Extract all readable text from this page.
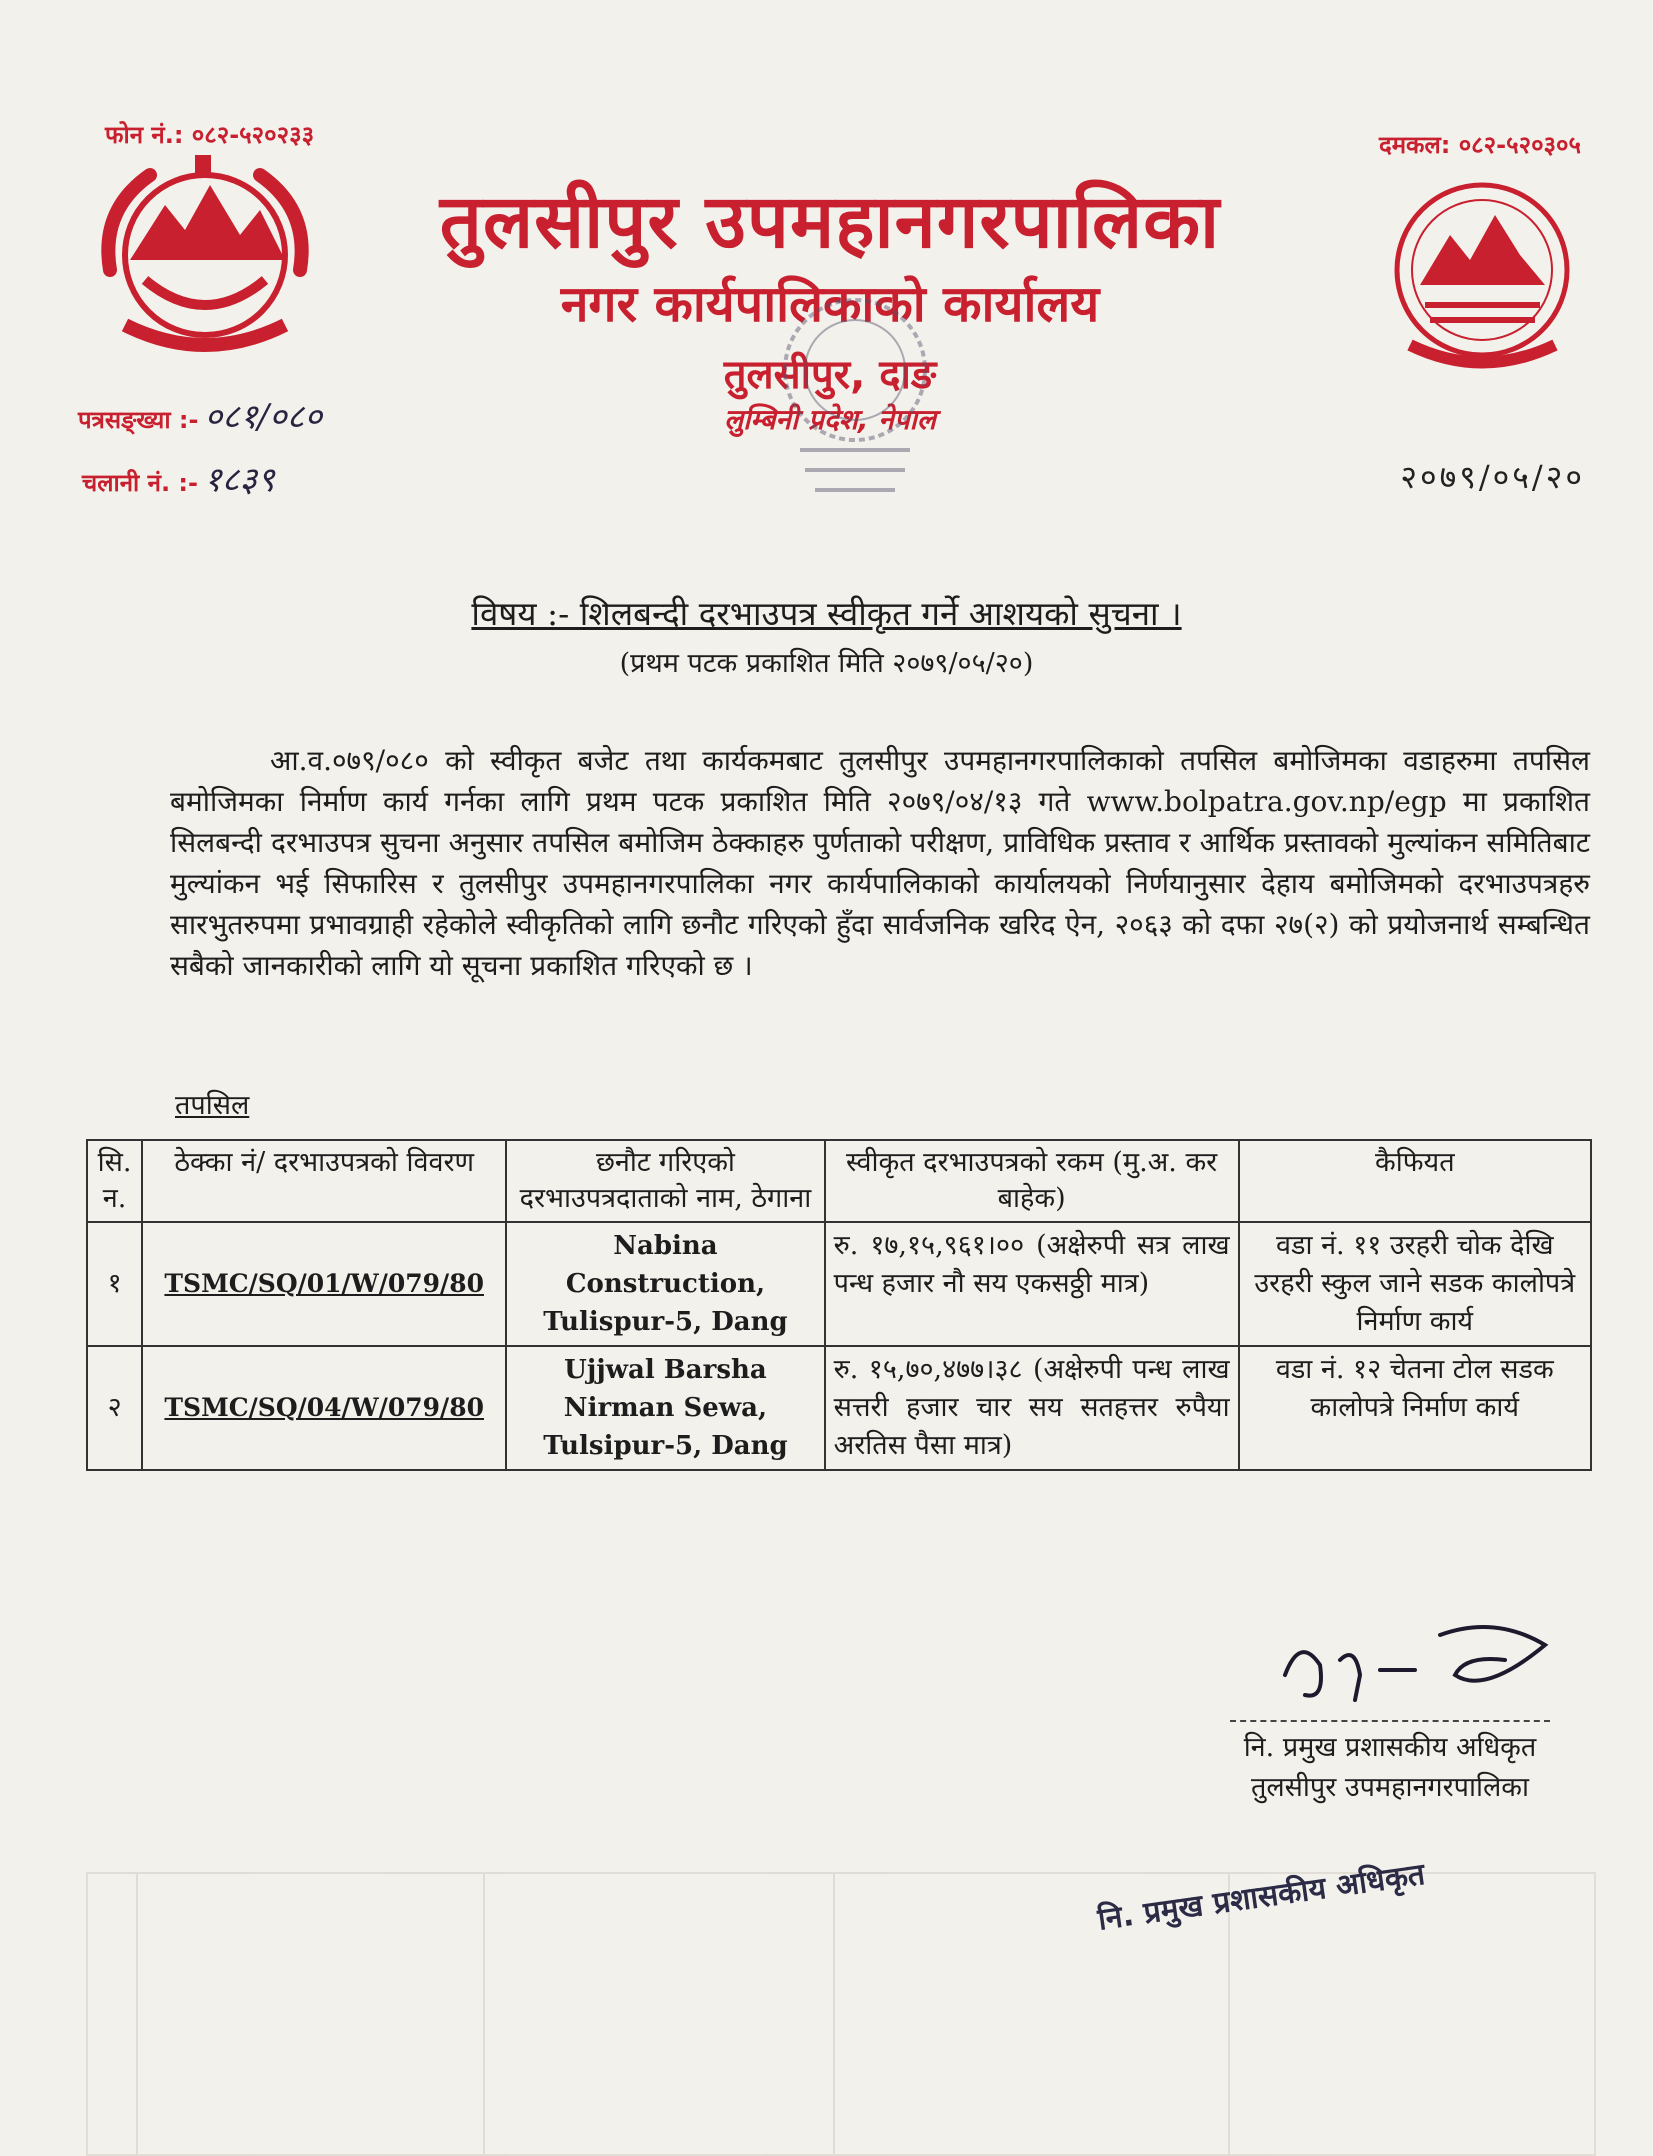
फोन नं.: ०८२-५२०२३३	दमकल: ०८२-५२०३०५
तुलसीपुर उपमहानगरपालिका
नगर कार्यपालिकाको कार्यालय
तुलसीपुर, दाङ
लुम्बिनी प्रदेश, नेपाल
पत्रसङ्ख्या :- ०८१/०८०
चलानी नं. :- १८३९	२०७९/०५/२०
विषय :- शिलबन्दी दरभाउपत्र स्वीकृत गर्ने आशयको सुचना ।
(प्रथम पटक प्रकाशित मिति २०७९/०५/२०)
आ.व.०७९/०८० को स्वीकृत बजेट तथा कार्यकमबाट तुलसीपुर उपमहानगरपालिकाको तपसिल बमोजिमका वडाहरुमा तपसिल बमोजिमका निर्माण कार्य गर्नका लागि प्रथम पटक प्रकाशित मिति २०७९/०४/१३ गते www.bolpatra.gov.np/egp मा प्रकाशित सिलबन्दी दरभाउपत्र सुचना अनुसार तपसिल बमोजिम ठेक्काहरु पुर्णताको परीक्षण, प्राविधिक प्रस्ताव र आर्थिक प्रस्तावको मुल्यांकन समितिबाट मुल्यांकन भई सिफारिस र तुलसीपुर उपमहानगरपालिका नगर कार्यपालिकाको कार्यालयको निर्णयानुसार देहाय बमोजिमको दरभाउपत्रहरु सारभुतरुपमा प्रभावग्राही रहेकोले स्वीकृतिको लागि छनौट गरिएको हुँदा सार्वजनिक खरिद ऐन, २०६३ को दफा २७(२) को प्रयोजनार्थ सम्बन्धित सबैको जानकारीको लागि यो सूचना प्रकाशित गरिएको छ ।
तपसिल
सि. न.	ठेक्का नं/ दरभाउपत्रको विवरण	छनौट गरिएको दरभाउपत्रदाताको नाम, ठेगाना	स्वीकृत दरभाउपत्रको रकम (मु.अ. कर बाहेक)	कैफियत
१	TSMC/SQ/01/W/079/80	Nabina Construction, Tulispur-5, Dang	रु. १७,१५,९६१।०० (अक्षेरुपी सत्र लाख पन्ध हजार नौ सय एकसठ्ठी मात्र)	वडा नं. ११ उरहरी चोक देखि उरहरी स्कुल जाने सडक कालोपत्रे निर्माण कार्य
२	TSMC/SQ/04/W/079/80	Ujjwal Barsha Nirman Sewa, Tulsipur-5, Dang	रु. १५,७०,४७७।३८ (अक्षेरुपी पन्ध लाख सत्तरी हजार चार सय सतहत्तर रुपैया अरतिस पैसा मात्र)	वडा नं. १२ चेतना टोल सडक कालोपत्रे निर्माण कार्य
नि. प्रमुख प्रशासकीय अधिकृत
तुलसीपुर उपमहानगरपालिका
नि. प्रमुख प्रशासकीय अधिकृत
